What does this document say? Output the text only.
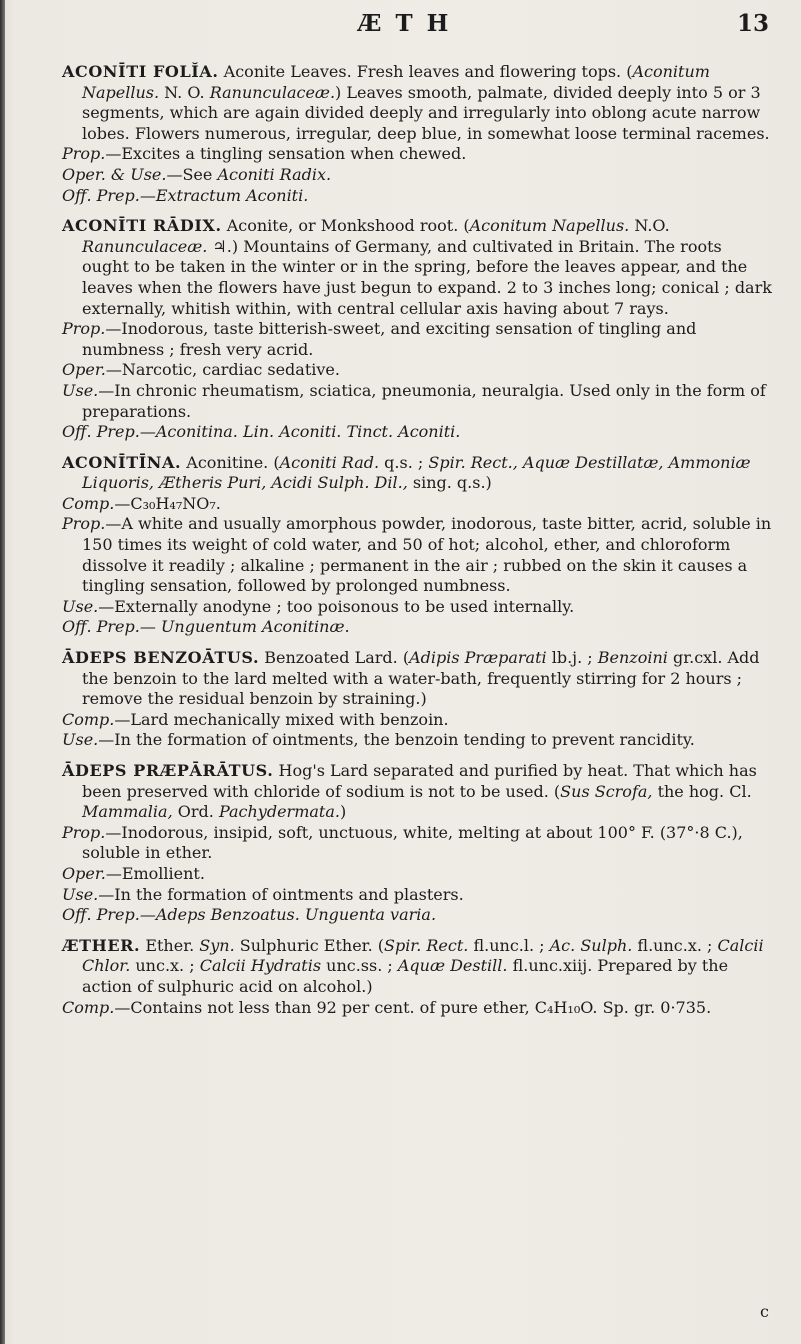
Æ T H	13

ACONĪTI FOLĬA. Aconite Leaves. Fresh leaves and flowering tops. (Aconitum Napellus. N. O. Ranunculaceæ.) Leaves smooth, palmate, divided deeply into 5 or 3 segments, which are again divided deeply and irregularly into oblong acute narrow lobes. Flowers numerous, irregular, deep blue, in somewhat loose terminal racemes.

Prop.—Excites a tingling sensation when chewed.

Oper. & Use.—See Aconiti Radix.

Off. Prep.—Extractum Aconiti.

ACONĪTI RĀDIX. Aconite, or Monkshood root. (Aconitum Napellus. N.O. Ranunculaceæ. ♃.) Mountains of Germany, and cultivated in Britain. The roots ought to be taken in the winter or in the spring, before the leaves appear, and the leaves when the flowers have just begun to expand. 2 to 3 inches long; conical ; dark externally, whitish within, with central cellular axis having about 7 rays.

Prop.—Inodorous, taste bitterish-sweet, and exciting sensation of tingling and numbness ; fresh very acrid.

Oper.—Narcotic, cardiac sedative.

Use.—In chronic rheumatism, sciatica, pneumonia, neuralgia. Used only in the form of preparations.

Off. Prep.—Aconitina. Lin. Aconiti. Tinct. Aconiti.

ACONĪTĪNA. Aconitine. (Aconiti Rad. q.s. ; Spir. Rect., Aquæ Destillatæ, Ammoniæ Liquoris, Ætheris Puri, Acidi Sulph. Dil., sing. q.s.)

Comp.—C₃₀H₄₇NO₇.

Prop.—A white and usually amorphous powder, inodorous, taste bitter, acrid, soluble in 150 times its weight of cold water, and 50 of hot; alcohol, ether, and chloroform dissolve it readily ; alkaline ; permanent in the air ; rubbed on the skin it causes a tingling sensation, followed by prolonged numbness.

Use.—Externally anodyne ; too poisonous to be used internally.

Off. Prep.— Unguentum Aconitinæ.

ĀDEPS BENZOĀTUS. Benzoated Lard. (Adipis Præparati lb.j. ; Benzoini gr.cxl. Add the benzoin to the lard melted with a water-bath, frequently stirring for 2 hours ; remove the residual benzoin by straining.)

Comp.—Lard mechanically mixed with benzoin.

Use.—In the formation of ointments, the benzoin tending to prevent rancidity.

ĀDEPS PRÆPĀRĀTUS. Hog's Lard separated and purified by heat. That which has been preserved with chloride of sodium is not to be used. (Sus Scrofa, the hog. Cl. Mammalia, Ord. Pachydermata.)

Prop.—Inodorous, insipid, soft, unctuous, white, melting at about 100° F. (37°·8 C.), soluble in ether.

Oper.—Emollient.

Use.—In the formation of ointments and plasters.

Off. Prep.—Adeps Benzoatus. Unguenta varia.

ÆTHER. Ether. Syn. Sulphuric Ether. (Spir. Rect. fl.unc.l. ; Ac. Sulph. fl.unc.x. ; Calcii Chlor. unc.x. ; Calcii Hydratis unc.ss. ; Aquæ Destill. fl.unc.xiij. Prepared by the action of sulphuric acid on alcohol.)

Comp.—Contains not less than 92 per cent. of pure ether, C₄H₁₀O. Sp. gr. 0·735.

c
